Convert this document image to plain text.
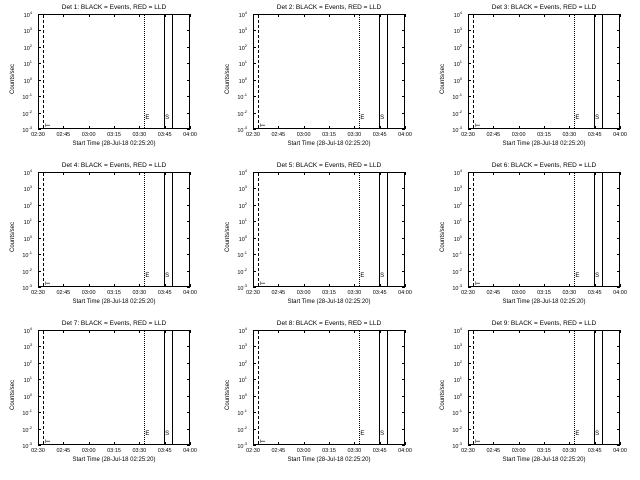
Det 1: BLACK = Events, RED = LLD
$10^4$
$10^3$
$10^2$
$10^1$
$10^0$
$10^{-1}$
$10^{-2}$
$10^{-3}$
02:30	02:45	03:00	03:15	03:30	03:45	04:00
Counts/sec
Start Time (28-Jul-18 02:25:20)
T
E	S
Det 2: BLACK = Events, RED = LLD
$10^4$
$10^3$
$10^2$
$10^1$
$10^0$
$10^{-1}$
$10^{-2}$
$10^{-3}$
02:30	02:45	03:00	03:15	03:30	03:45	04:00
Counts/sec
Start Time (28-Jul-18 02:25:20)
T
E	S
Det 3: BLACK = Events, RED = LLD
$10^4$
$10^3$
$10^2$
$10^1$
$10^0$
$10^{-1}$
$10^{-2}$
$10^{-3}$
02:30	02:45	03:00	03:15	03:30	03:45	04:00
Counts/sec
Start Time (28-Jul-18 02:25:20)
T
E	S
Det 4: BLACK = Events, RED = LLD
$10^4$
$10^3$
$10^2$
$10^1$
$10^0$
$10^{-1}$
$10^{-2}$
$10^{-3}$
02:30	02:45	03:00	03:15	03:30	03:45	04:00
Counts/sec
Start Time (28-Jul-18 02:25:20)
T
E	S
Det 5: BLACK = Events, RED = LLD
$10^4$
$10^3$
$10^2$
$10^1$
$10^0$
$10^{-1}$
$10^{-2}$
$10^{-3}$
02:30	02:45	03:00	03:15	03:30	03:45	04:00
Counts/sec
Start Time (28-Jul-18 02:25:20)
T
E	S
Det 6: BLACK = Events, RED = LLD
$10^4$
$10^3$
$10^2$
$10^1$
$10^0$
$10^{-1}$
$10^{-2}$
$10^{-3}$
02:30	02:45	03:00	03:15	03:30	03:45	04:00
Counts/sec
Start Time (28-Jul-18 02:25:20)
T
E	S
Det 7: BLACK = Events, RED = LLD
$10^4$
$10^3$
$10^2$
$10^1$
$10^0$
$10^{-1}$
$10^{-2}$
$10^{-3}$
02:30	02:45	03:00	03:15	03:30	03:45	04:00
Counts/sec
Start Time (28-Jul-18 02:25:20)
T
E	S
Det 8: BLACK = Events, RED = LLD
$10^4$
$10^3$
$10^2$
$10^1$
$10^0$
$10^{-1}$
$10^{-2}$
$10^{-3}$
02:30	02:45	03:00	03:15	03:30	03:45	04:00
Counts/sec
Start Time (28-Jul-18 02:25:20)
T
E	S
Det 9: BLACK = Events, RED = LLD
$10^4$
$10^3$
$10^2$
$10^1$
$10^0$
$10^{-1}$
$10^{-2}$
$10^{-3}$
02:30	02:45	03:00	03:15	03:30	03:45	04:00
Counts/sec
Start Time (28-Jul-18 02:25:20)
T
E	S
